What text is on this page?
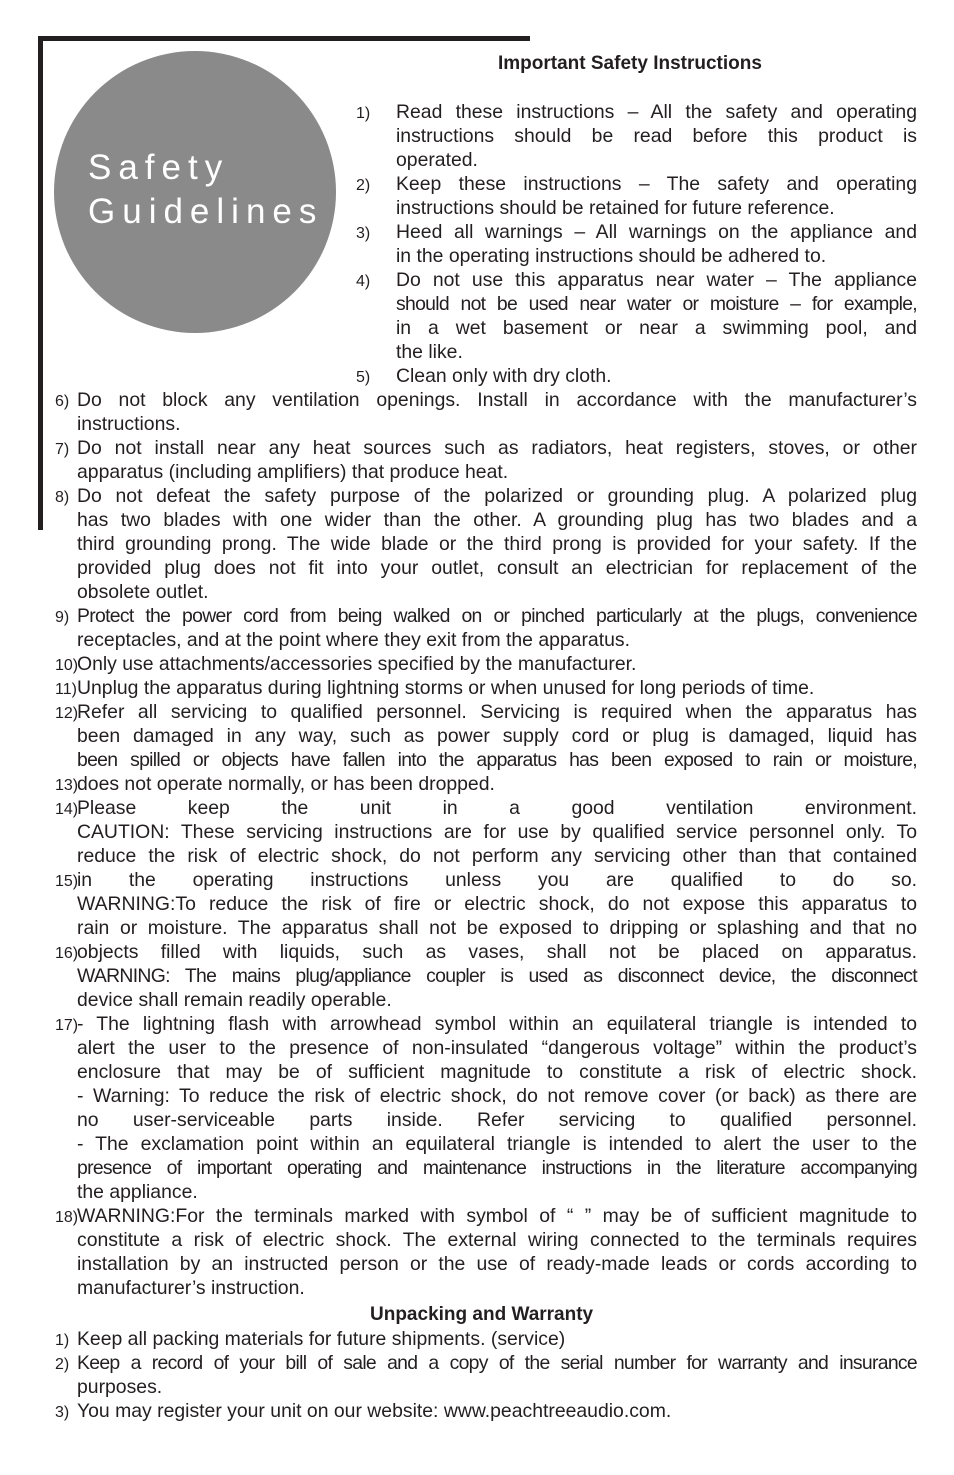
Safety
Guidelines
Important Safety Instructions
1) Read these instructions – All the safety and operating
instructions should be read before this product is
operated.
2) Keep these instructions – The safety and operating
instructions should be retained for future reference.
3) Heed all warnings – All warnings on the appliance and
in the operating instructions should be adhered to.
4) Do not use this apparatus near water – The appliance
should not be used near water or moisture – for example,
in a wet basement or near a swimming pool, and
the like.
5) Clean only with dry cloth.
6) Do not block any ventilation openings. Install in accordance with the manufacturer’s
instructions.
7) Do not install near any heat sources such as radiators, heat registers, stoves, or other
apparatus (including amplifiers) that produce heat.
8) Do not defeat the safety purpose of the polarized or grounding plug. A polarized plug
has two blades with one wider than the other. A grounding plug has two blades and a
third grounding prong. The wide blade or the third prong is provided for your safety. If the
provided plug does not fit into your outlet, consult an electrician for replacement of the
obsolete outlet.
9) Protect the power cord from being walked on or pinched particularly at the plugs, convenience
receptacles, and at the point where they exit from the apparatus.
10)
Only use attachments/accessories specified by the manufacturer.
11) Unplug the apparatus during lightning storms or when unused for long periods of time.
12)
Refer all servicing to qualified personnel. Servicing is required when the apparatus has
been damaged in any way, such as power supply cord or plug is damaged, liquid has
been spilled or objects have fallen into the apparatus has been exposed to rain or moisture,
13)
does not operate normally, or has been dropped.
14)
Please keep the unit in a good ventilation environment.
CAUTION: These servicing instructions are for use by qualified service personnel only. To
reduce the risk of electric shock, do not perform any servicing other than that contained
15)
in the operating instructions unless you are qualified to do so.
WARNING:To reduce the risk of fire or electric shock, do not expose this apparatus to
rain or moisture. The apparatus shall not be exposed to dripping or splashing and that no
16)
objects filled with liquids, such as vases, shall not be placed on apparatus.
WARNING: The mains plug/appliance coupler is used as disconnect device, the disconnect
device shall remain readily operable.
17)
- The lightning flash with arrowhead symbol within an equilateral triangle is intended to
alert the user to the presence of non-insulated “dangerous voltage” within the product’s
enclosure that may be of sufficient magnitude to constitute a risk of electric shock.
- Warning: To reduce the risk of electric shock, do not remove cover (or back) as there are
no user-serviceable parts inside. Refer servicing to qualified personnel.
- The exclamation point within an equilateral triangle is intended to alert the user to the
presence of important operating and maintenance instructions in the literature accompanying
the appliance.
18)
WARNING:For the terminals marked with symbol of “ ” may be of sufficient magnitude to
constitute a risk of electric shock. The external wiring connected to the terminals requires
installation by an instructed person or the use of ready-made leads or cords according to
manufacturer’s instruction.
Unpacking and Warranty
1) Keep all packing materials for future shipments. (service)
2) Keep a record of your bill of sale and a copy of the serial number for warranty and insurance
purposes.
3) You may register your unit on our website: www.peachtreeaudio.com.
